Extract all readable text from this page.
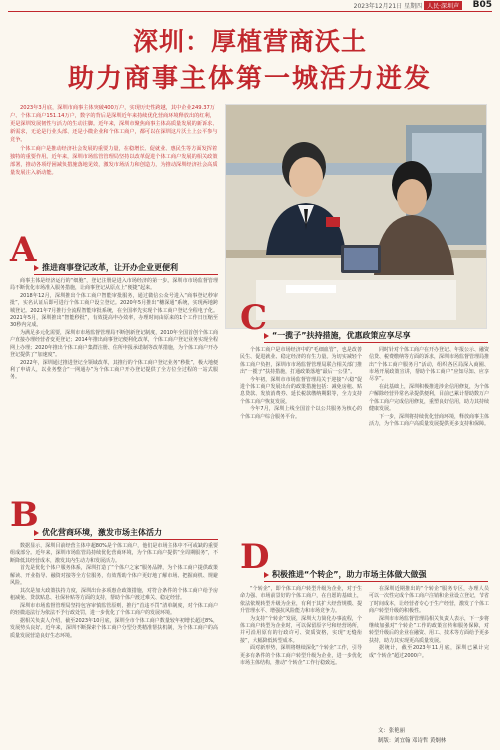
2023年12月21日 星期四 人民·深圳声	B05
深圳：厚植营商沃土
助力商事主体第一城活力迸发

2023年3月底，深圳市商事主体突破400万户，实现历史性跨越，其中企业249.37万户、个体工商户151.14万户，数字的背后是深圳近年来持续优化营商环境释放出的红利，更是深圳发展韧性与活力的生动注脚。近年来，深圳市聚焦商事主体高质量发展的新诉求、新需求，无论是行业头部、还是小微企业和个体工商户，都可以在深圳这片沃土上公平参与竞争。

个体工商户是推动经济社会发展的重要力量，在稳增长、促就业、惠民生等方面发挥着独特的重要作用。近年来，深圳市场监管管理局坚持以改革促进个体工商户发展的相关政策部署，推动各项纾困减负措施落地见效，激发市场活力和创造力，为推动深圳经济社会高质量发展注入新动能。

A 推进商事登记改革，让开办企业更便利

商事主体是经济运行的“细胞”，登记注册是进入市场经济的第一步。深圳市市场监督管理局不断优化市场准入服务措施，让商事登记从原点上“便捷”起来。

2018年12月，深圳推出个体工商户智能审批服务，通过微信公众号进入“商事登记秒审批”，实名认证后即可进行个体工商户设立登记。2020年5月推出“穗深通”系统，实现两地跨城登记。2021年7月推行全流程智能审批系统，在全国率先实现个体工商户登记全程电子化。2021年5月，深圳推出“智能秒批”，有效提高申办效率，办理时间由原来的1个工作日压缩至30秒内完成。

为满足多元化需要，深圳市市场监督管理局不断创新登记制度，2010年全国首创个体工商户直接办理经营者变更登记；2014年推出商事登记便利化改革，个体工商户登记业务实现全程网上办理；2020年推出个体工商户集群注册、住所申报承诺制等改革措施，为个体工商户开办登记提供了“加速度”。

2022年，深圳通过推进登记全领域改革，其推行的个体工商户登记业务“秒批”，极大地便利了申请人，以业务整合“一网通办”为个体工商户开办登记提供了全方位全过程的一站式服务。

B 优化营商环境，激发市场主体活力

数据显示，深圳目前经营主体中超80%是个体工商户，他们是市场主体中不可或缺的重要组成部分。近年来，深圳市场监管局持续优化营商环境，为个体工商户提供“全周期服务”，不断降低其经营成本，激发其内生动力和发展活力。

首先是优化个体户服务体系，深圳打造了“个体户之家”服务品牌，为个体工商户提供政策解读、开业指导、融资对接等全方位服务，有效帮助个体户更好地了解市场、把握商机、规避风险。

其次是加大政策扶持力度，深圳出台多项惠企政策措施，对符合条件的个体工商户给予房租减免、贷款贴息、社保补贴等方面的支持，帮助个体户渡过难关、稳定经营。

深圳市市场监督管理局坚持包容审慎监管原则，推行“首违不罚”清单制度，对个体工商户的轻微违法行为依法不予行政处罚，进一步优化了个体工商户的发展环境。

据相关负责人介绍，截至2023年10月底，深圳全市个体工商户数量较年初增长超过8%，发展势头良好。近年来，深圳不断探索个体工商户分型分类精准帮扶机制，为个体工商户的高质量发展营造良好生态环境。

C “一揽子”扶持措施，优惠政策应享尽享

个体工商户是市场经济中的“毛细血管”，也是改善民生、促进就业、稳定经济的有生力量。为切实减轻个体工商户负担，深圳市市场监督管理局联合相关部门推出“一揽子”扶持措施，打通政策落地“最后一公里”。

今年初，深圳市市场监督管理局关于迎接“六稳”促进个体工商户发展出台的政策措施包括：减免房租、贴息贷款、发放消费券、延长税款缴纳期限等，全力支持个体工商户恢复发展。

今年7月，深圳上线全国首个以公共服务为核心的个体工商户综合服务平台。

同时针对个体工商户在开办登记、年报公示、融资信贷、税费缴纳等方面的诉求，深圳市场监督管理局推出“个体工商户服务月”活动，组织各区局深入商圈、市场开展政策宣讲，帮助个体工商户“应知尽知、应享尽享”。

在此基础上，深圳积极推进涉企信用修复，为个体户解除经营异常名录提供便利，目前已累计帮助数万户个体工商户完成信用修复，重塑良好信用，助力其持续健康发展。

下一步，深圳将持续优化营商环境，释放商事主体活力，为个体工商户高质量发展提供更多支持和保障。

D 积极推进“个转企”，助力市场主体做大做强

“个转企”，即个体工商户转型升级为企业，对于生命力强、市场前景好的个体工商户，在自愿的基础上，依法依规转型升级为企业，有利于其扩大经营规模、提升管理水平、增强抗风险能力和市场竞争力。

为支持“个转企”发展，深圳大力简化办事流程，个体工商户转型为企业时，可以保留原字号和经营场所，并可沿用原有的行政许可、资质资格，实现“无缝衔接”，大幅降低转型成本。

面对新形势，深圳将继续深化“个转企”工作，引导更多有条件的个体工商户转型升级为企业，进一步优化市场主体结构，推动“个转企”工作行稳致远。

在深圳近期推出的“个转企”服务专区，办理人员可以一次性完成个体工商户注销和企业设立登记，节省了时间成本，让经营者专心于生产经营，激发了个体工商户转型升级的积极性。

深圳市市场监督管理局相关负责人表示，下一步将继续加强对“个转企”工作的政策宣传和服务保障，对转型升级后的企业在融资、用工、技术等方面给予更多扶持，助力其实现更高质量发展。

据统计，截至2023年11月底，深圳已累计完成“个转企”超过2000户。

文：张艳丽
制版：刘宜翰 邓诗哲 黄炯林
